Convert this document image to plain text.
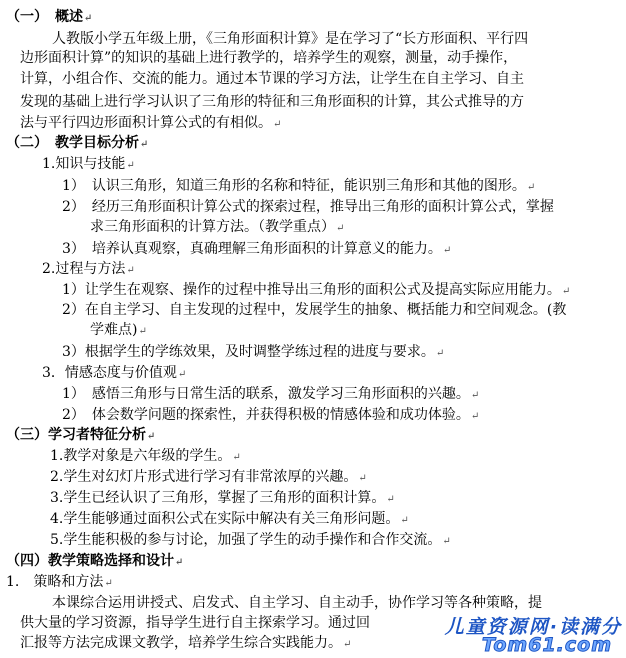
（一）　概述↵
人教版小学五年级上册，《三角形面积计算》是在学习了“长方形面积、平行四
边形面积计算”的知识的基础上进行教学的，培养学生的观察，测量，动手操作，
计算，小组合作、交流的能力。通过本节课的学习方法，让学生在自主学习、自主
发现的基础上进行学习认识了三角形的特征和三角形面积的计算，其公式推导的方
法与平行四边形面积计算公式的有相似。↵
（二）　教学目标分析↵
1.知识与技能↵
1）　认识三角形，知道三角形的名称和特征，能识别三角形和其他的图形。↵
2）　经历三角形面积计算公式的探索过程，推导出三角形的面积计算公式，掌握
求三角形面积的计算方法。（教学重点）↵
3）　培养认真观察，真确理解三角形面积的计算意义的能力。↵
2.过程与方法↵
1）让学生在观察、操作的过程中推导出三角形的面积公式及提高实际应用能力。↵
2）在自主学习、自主发现的过程中，发展学生的抽象、概括能力和空间观念。(教
学难点)↵
3）根据学生的学练效果，及时调整学练过程的进度与要求。↵
3．情感态度与价值观↵
1）　感悟三角形与日常生活的联系，激发学习三角形面积的兴趣。↵
2）　体会数学问题的探索性，并获得积极的情感体验和成功体验。↵
（三）学习者特征分析↵
1.教学对象是六年级的学生。↵
2.学生对幻灯片形式进行学习有非常浓厚的兴趣。↵
3.学生已经认识了三角形，掌握了三角形的面积计算。↵
4.学生能够通过面积公式在实际中解决有关三角形问题。↵
5.学生能积极的参与讨论，加强了学生的动手操作和合作交流。↵
（四）教学策略选择和设计↵
1.　策略和方法↵
本课综合运用讲授式、启发式、自主学习、自主动手，协作学习等各种策略，提
供大量的学习资源，指导学生进行自主探索学习。通过回
汇报等方法完成课文教学，培养学生综合实践能力。↵
儿童资源网·读满分
Tom61.com
